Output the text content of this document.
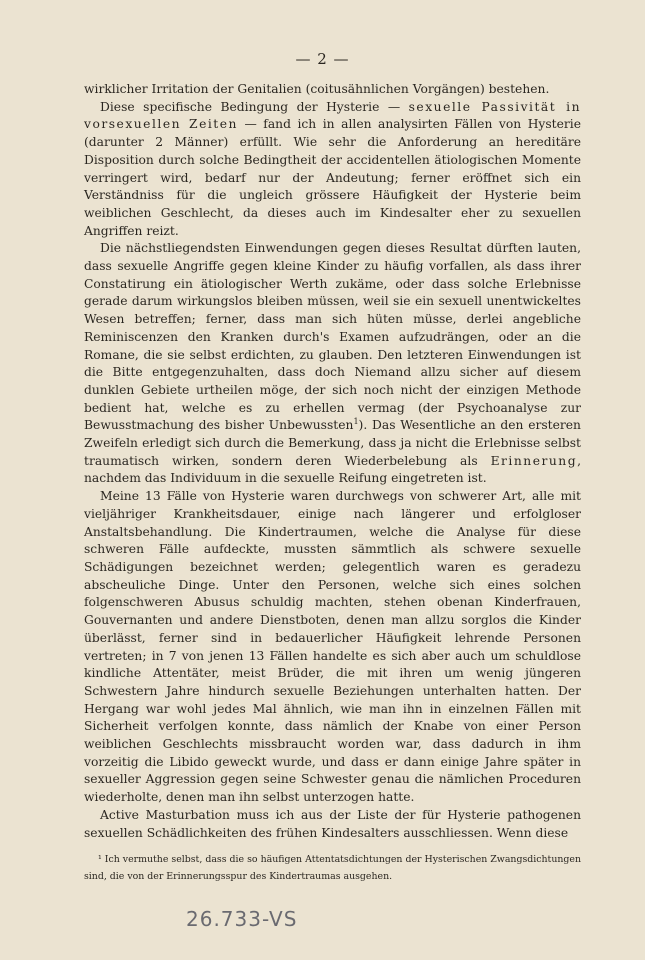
— 2 —

wirklicher Irritation der Genitalien (coitusähnlichen Vorgängen) bestehen.

Diese specifische Bedingung der Hysterie — sexuelle Passivität in vorsexuellen Zeiten — fand ich in allen analysirten Fällen von Hysterie (darunter 2 Männer) erfüllt. Wie sehr die Anforderung an hereditäre Disposition durch solche Bedingtheit der accidentellen ätiologischen Momente verringert wird, bedarf nur der Andeutung; ferner eröffnet sich ein Verständniss für die ungleich grössere Häufigkeit der Hysterie beim weiblichen Geschlecht, da dieses auch im Kindesalter eher zu sexuellen Angriffen reizt.

Die nächstliegendsten Einwendungen gegen dieses Resultat dürften lauten, dass sexuelle Angriffe gegen kleine Kinder zu häufig vorfallen, als dass ihrer Constatirung ein ätiologischer Werth zukäme, oder dass solche Erlebnisse gerade darum wirkungslos bleiben müssen, weil sie ein sexuell unentwickeltes Wesen betreffen; ferner, dass man sich hüten müsse, derlei angebliche Reminiscenzen den Kranken durch's Examen aufzudrängen, oder an die Romane, die sie selbst erdichten, zu glauben. Den letzteren Einwendungen ist die Bitte entgegenzuhalten, dass doch Niemand allzu sicher auf diesem dunklen Gebiete urtheilen möge, der sich noch nicht der einzigen Methode bedient hat, welche es zu erhellen vermag (der Psychoanalyse zur Bewusstmachung des bisher Unbewussten$^1$). Das Wesentliche an den ersteren Zweifeln erledigt sich durch die Bemerkung, dass ja nicht die Erlebnisse selbst traumatisch wirken, sondern deren Wiederbelebung als Erinnerung, nachdem das Individuum in die sexuelle Reifung eingetreten ist.

Meine 13 Fälle von Hysterie waren durchwegs von schwerer Art, alle mit vieljähriger Krankheitsdauer, einige nach längerer und erfolgloser Anstaltsbehandlung. Die Kindertraumen, welche die Analyse für diese schweren Fälle aufdeckte, mussten sämmtlich als schwere sexuelle Schädigungen bezeichnet werden; gelegentlich waren es geradezu abscheuliche Dinge. Unter den Personen, welche sich eines solchen folgenschweren Abusus schuldig machten, stehen obenan Kinderfrauen, Gouvernanten und andere Dienstboten, denen man allzu sorglos die Kinder überlässt, ferner sind in bedauerlicher Häufigkeit lehrende Personen vertreten; in 7 von jenen 13 Fällen handelte es sich aber auch um schuldlose kindliche Attentäter, meist Brüder, die mit ihren um wenig jüngeren Schwestern Jahre hindurch sexuelle Beziehungen unterhalten hatten. Der Hergang war wohl jedes Mal ähnlich, wie man ihn in einzelnen Fällen mit Sicherheit verfolgen konnte, dass nämlich der Knabe von einer Person weiblichen Geschlechts missbraucht worden war, dass dadurch in ihm vorzeitig die Libido geweckt wurde, und dass er dann einige Jahre später in sexueller Aggression gegen seine Schwester genau die nämlichen Proceduren wiederholte, denen man ihn selbst unterzogen hatte.

Active Masturbation muss ich aus der Liste der für Hysterie pathogenen sexuellen Schädlichkeiten des frühen Kindesalters ausschliessen. Wenn diese

¹ Ich vermuthe selbst, dass die so häufigen Attentatsdichtungen der Hysterischen Zwangsdichtungen sind, die von der Erinnerungsspur des Kindertraumas ausgehen.

26.733-VS
